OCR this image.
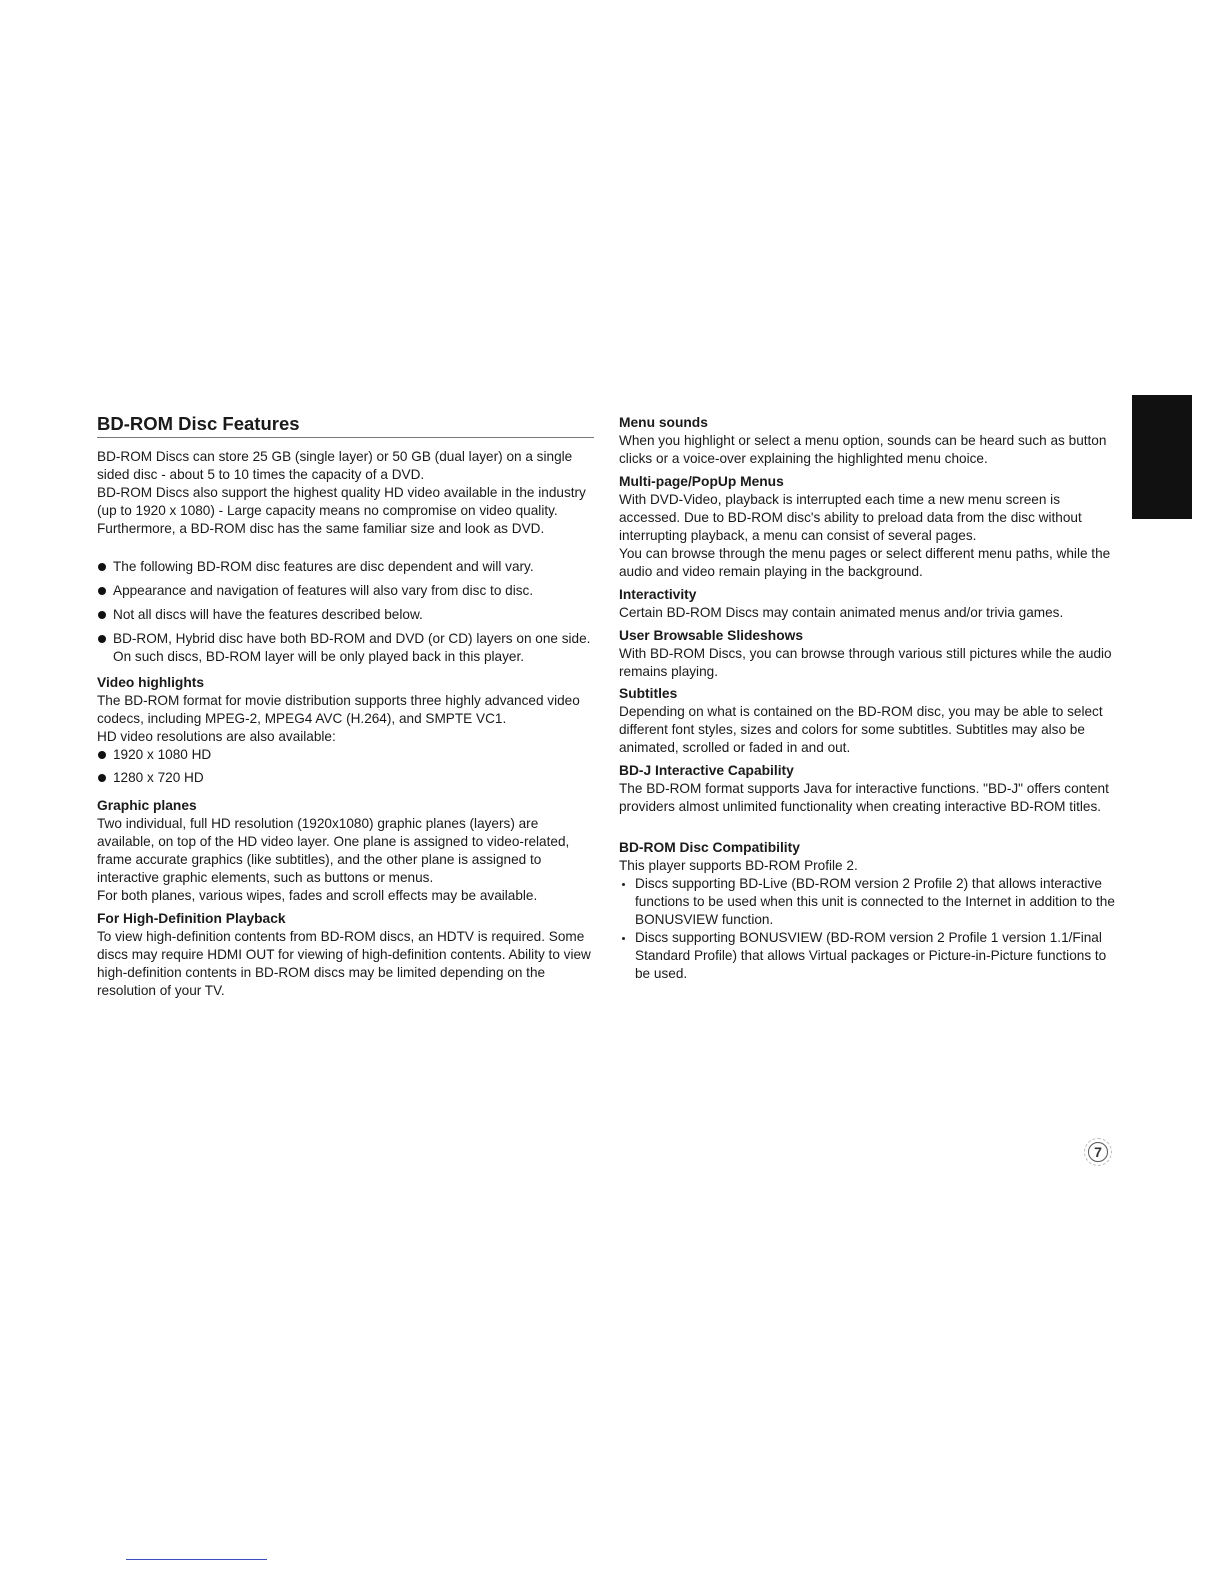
BD-ROM Disc Features

BD-ROM Discs can store 25 GB (single layer) or 50 GB (dual layer) on a single sided disc - about 5 to 10 times the capacity of a DVD.

BD-ROM Discs also support the highest quality HD video available in the industry (up to 1920 x 1080) - Large capacity means no compromise on video quality. Furthermore, a BD-ROM disc has the same familiar size and look as DVD.

The following BD-ROM disc features are disc dependent and will vary.
Appearance and navigation of features will also vary from disc to disc.
Not all discs will have the features described below.
BD-ROM, Hybrid disc have both BD-ROM and DVD (or CD) layers on one side. On such discs, BD-ROM layer will be only played back in this player.
Video highlights

The BD-ROM format for movie distribution supports three highly advanced video codecs, including MPEG-2, MPEG4 AVC (H.264), and SMPTE VC1.

HD video resolutions are also available:

1920 x 1080 HD
1280 x 720 HD
Graphic planes

Two individual, full HD resolution (1920x1080) graphic planes (layers) are available, on top of the HD video layer. One plane is assigned to video-related, frame accurate graphics (like subtitles), and the other plane is assigned to interactive graphic elements, such as buttons or menus.

For both planes, various wipes, fades and scroll effects may be available.

For High-Definition Playback

To view high-definition contents from BD-ROM discs, an HDTV is required. Some discs may require HDMI OUT for viewing of high-definition contents. Ability to view high-definition contents in BD-ROM discs may be limited depending on the resolution of your TV.

Menu sounds

When you highlight or select a menu option, sounds can be heard such as button clicks or a voice-over explaining the highlighted menu choice.

Multi-page/PopUp Menus

With DVD-Video, playback is interrupted each time a new menu screen is accessed. Due to BD-ROM disc's ability to preload data from the disc without interrupting playback, a menu can consist of several pages.

You can browse through the menu pages or select different menu paths, while the audio and video remain playing in the background.

Interactivity

Certain BD-ROM Discs may contain animated menus and/or trivia games.

User Browsable Slideshows

With BD-ROM Discs, you can browse through various still pictures while the audio remains playing.

Subtitles

Depending on what is contained on the BD-ROM disc, you may be able to select different font styles, sizes and colors for some subtitles. Subtitles may also be animated, scrolled or faded in and out.

BD-J Interactive Capability

The BD-ROM format supports Java for interactive functions. "BD-J" offers content providers almost unlimited functionality when creating interactive BD-ROM titles.

BD-ROM Disc Compatibility

This player supports BD-ROM Profile 2.

Discs supporting BD-Live (BD-ROM version 2 Profile 2) that allows interactive functions to be used when this unit is connected to the Internet in addition to the BONUSVIEW function.
Discs supporting BONUSVIEW (BD-ROM version 2 Profile 1 version 1.1/Final Standard Profile) that allows Virtual packages or Picture-in-Picture functions to be used.
7
